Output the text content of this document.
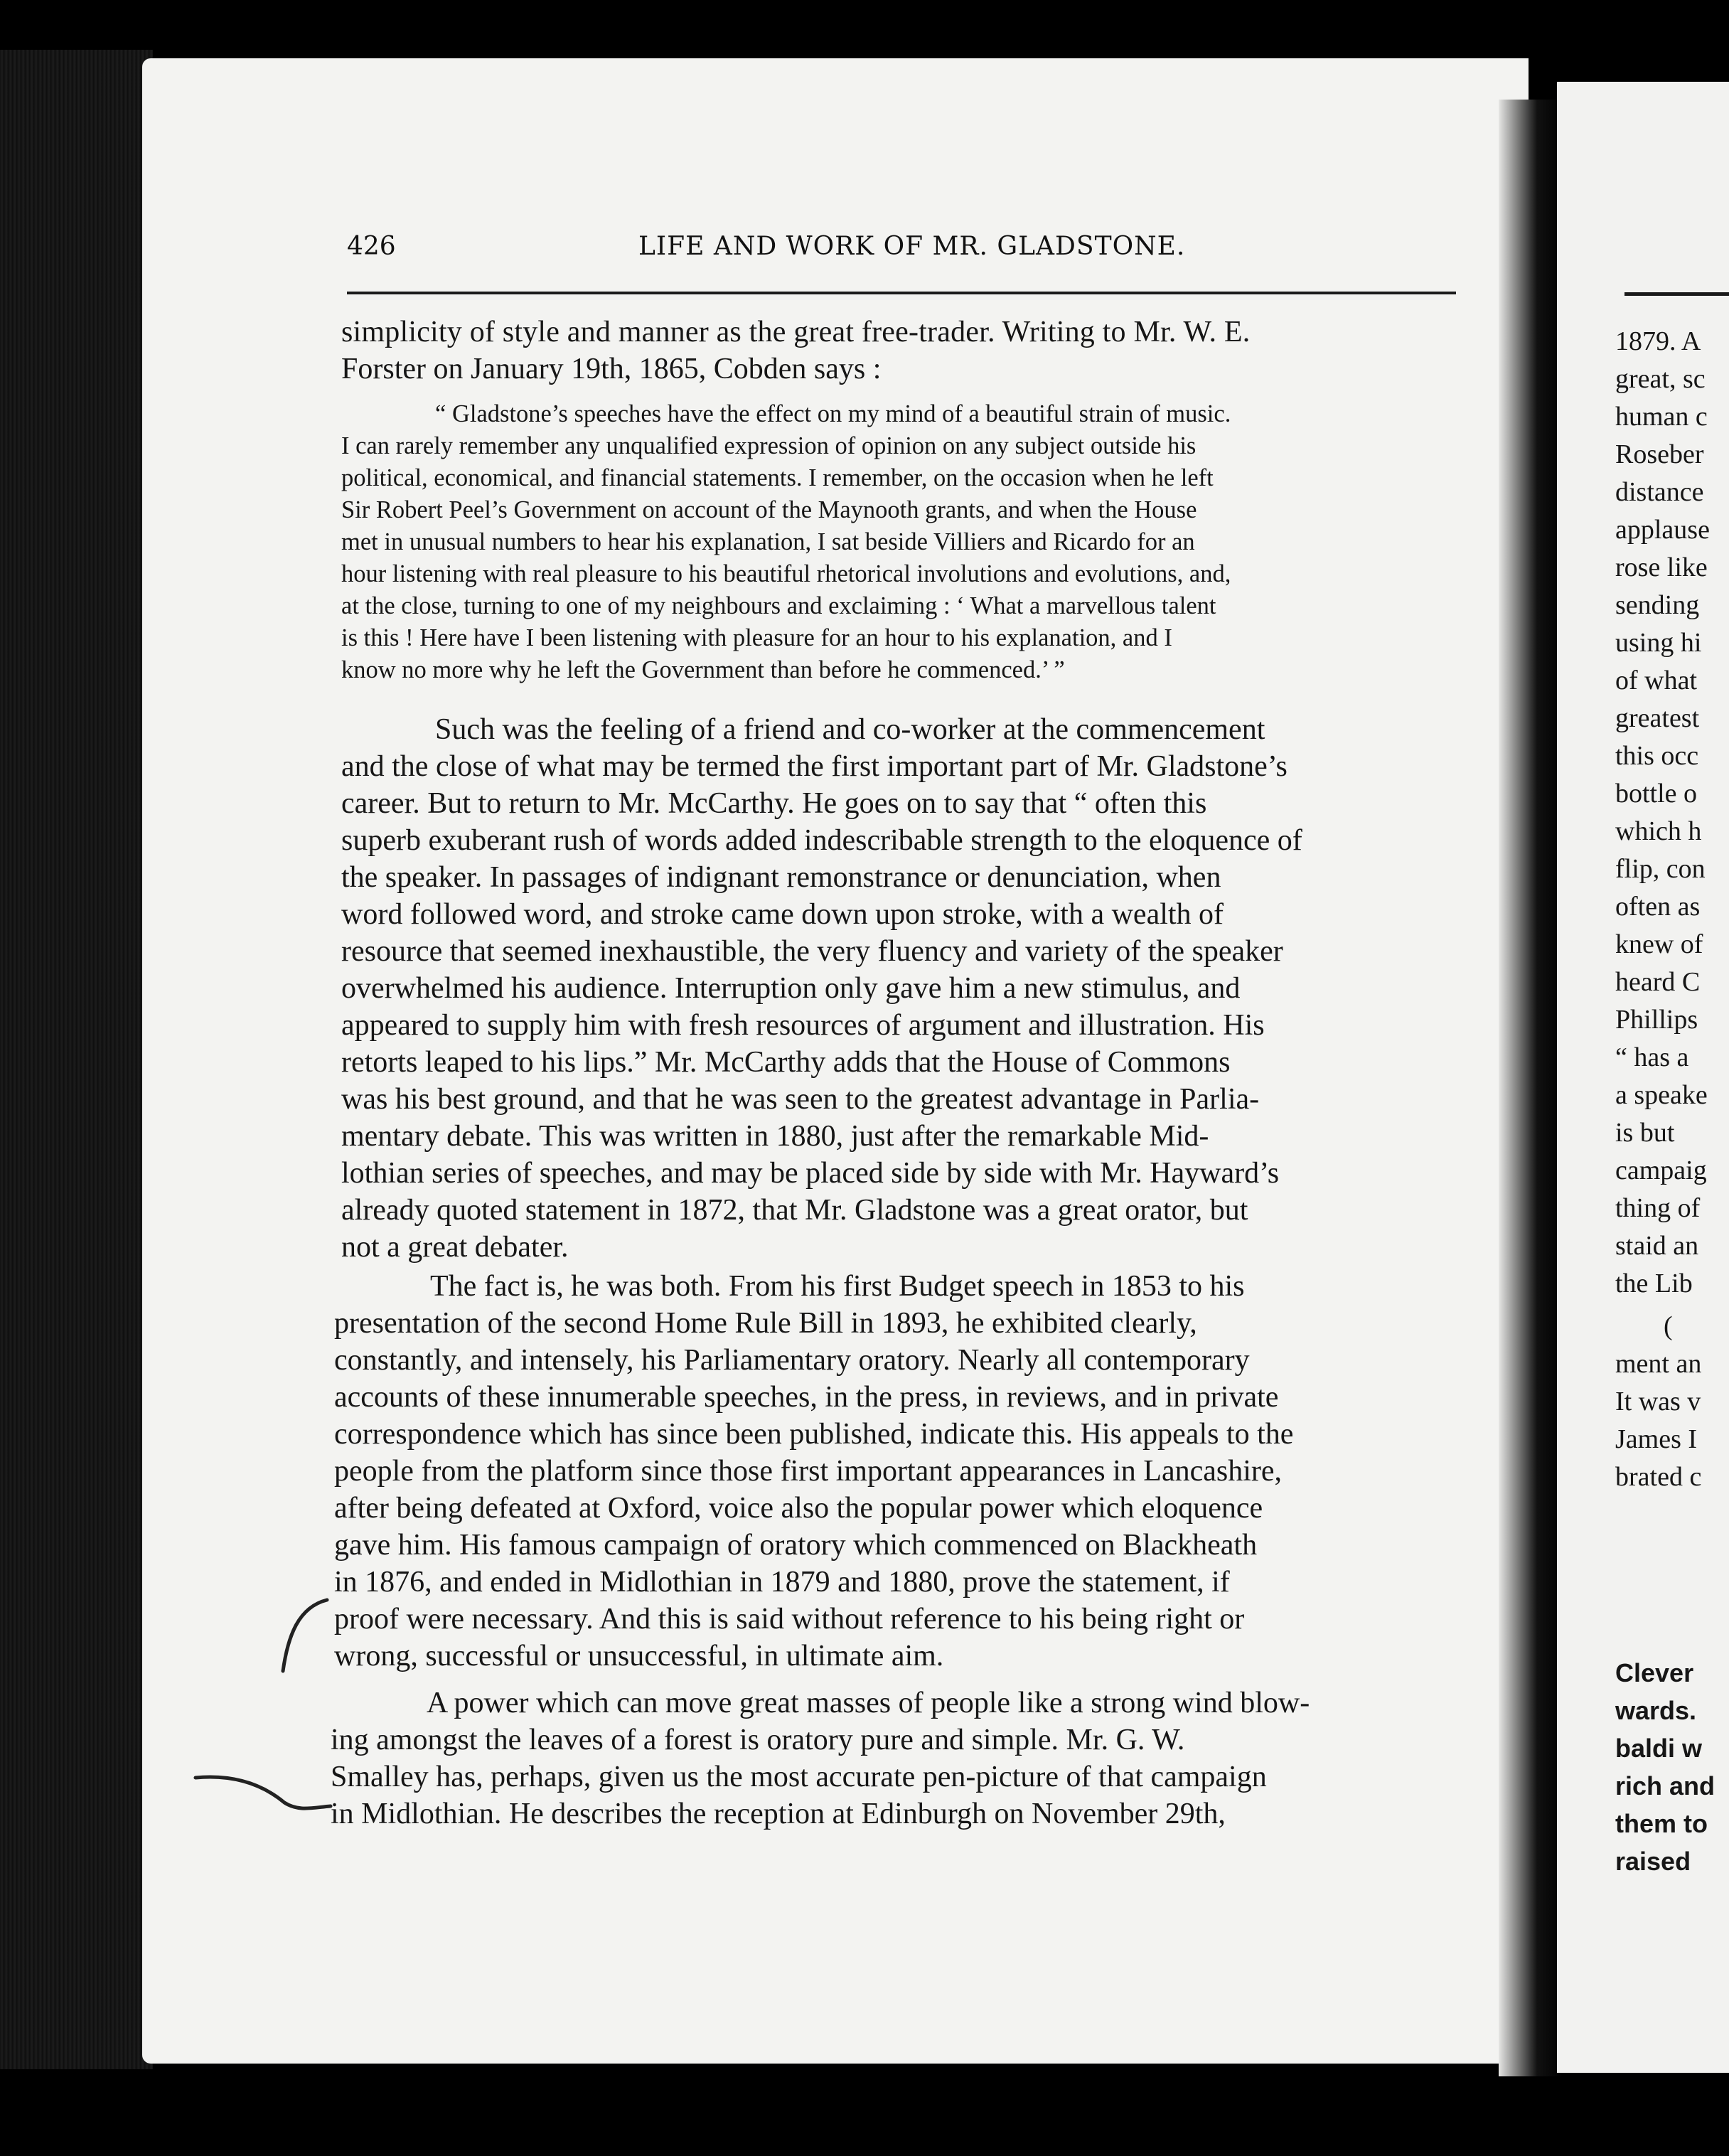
426	LIFE AND WORK OF MR. GLADSTONE.
simplicity of style and manner as the great free-trader. Writing to Mr. W. E.
Forster on January 19th, 1865, Cobden says :
“ Gladstone’s speeches have the effect on my mind of a beautiful strain of music.
I can rarely remember any unqualified expression of opinion on any subject outside his
political, economical, and financial statements. I remember, on the occasion when he left
Sir Robert Peel’s Government on account of the Maynooth grants, and when the House
met in unusual numbers to hear his explanation, I sat beside Villiers and Ricardo for an
hour listening with real pleasure to his beautiful rhetorical involutions and evolutions, and,
at the close, turning to one of my neighbours and exclaiming : ‘ What a marvellous talent
is this ! Here have I been listening with pleasure for an hour to his explanation, and I
know no more why he left the Government than before he commenced.’ ”
Such was the feeling of a friend and co-worker at the commencement
and the close of what may be termed the first important part of Mr. Gladstone’s
career. But to return to Mr. McCarthy. He goes on to say that “ often this
superb exuberant rush of words added indescribable strength to the eloquence of
the speaker. In passages of indignant remonstrance or denunciation, when
word followed word, and stroke came down upon stroke, with a wealth of
resource that seemed inexhaustible, the very fluency and variety of the speaker
overwhelmed his audience. Interruption only gave him a new stimulus, and
appeared to supply him with fresh resources of argument and illustration. His
retorts leaped to his lips.” Mr. McCarthy adds that the House of Commons
was his best ground, and that he was seen to the greatest advantage in Parlia-
mentary debate. This was written in 1880, just after the remarkable Mid-
lothian series of speeches, and may be placed side by side with Mr. Hayward’s
already quoted statement in 1872, that Mr. Gladstone was a great orator, but
not a great debater.
The fact is, he was both. From his first Budget speech in 1853 to his
presentation of the second Home Rule Bill in 1893, he exhibited clearly,
constantly, and intensely, his Parliamentary oratory. Nearly all contemporary
accounts of these innumerable speeches, in the press, in reviews, and in private
correspondence which has since been published, indicate this. His appeals to the
people from the platform since those first important appearances in Lancashire,
after being defeated at Oxford, voice also the popular power which eloquence
gave him. His famous campaign of oratory which commenced on Blackheath
in 1876, and ended in Midlothian in 1879 and 1880, prove the statement, if
proof were necessary. And this is said without reference to his being right or
wrong, successful or unsuccessful, in ultimate aim.
A power which can move great masses of people like a strong wind blow-
ing amongst the leaves of a forest is oratory pure and simple. Mr. G. W.
Smalley has, perhaps, given us the most accurate pen-picture of that campaign
in Midlothian. He describes the reception at Edinburgh on November 29th,
1879. A
great, sc
human c
Roseber
distance
applause
rose like
sending
using hi
of what
greatest
this occ
bottle o
which h
flip, con
often as
knew of
heard C
Phillips
“ has a
a speake
is but
campaig
thing of
staid an
the Lib
(
ment an
It was v
James I
brated c
Clever
wards.
baldi w
rich and
them to
raised
